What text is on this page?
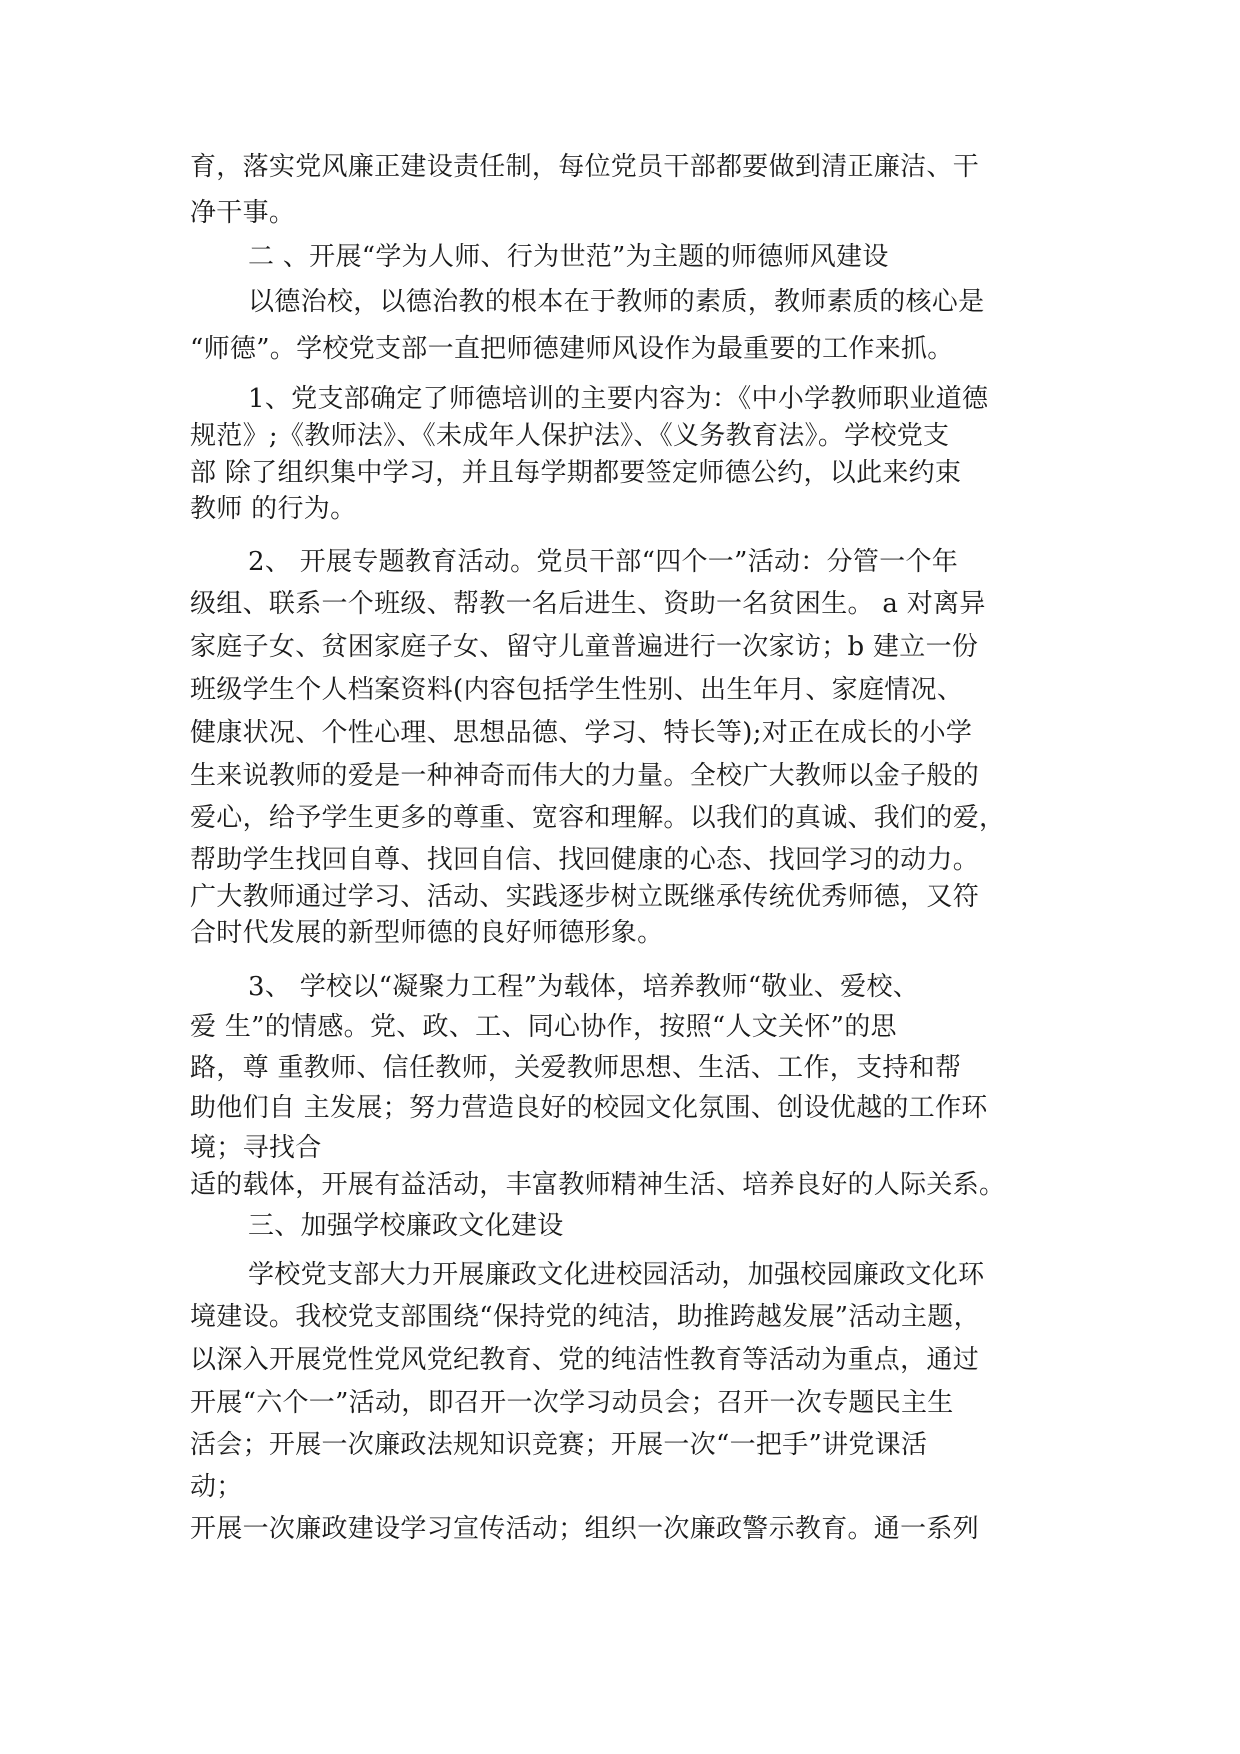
育，落实党风廉正建设责任制，每位党员干部都要做到清正廉洁、干
净干事。
二 、开展“学为人师、行为世范”为主题的师德师风建设
以德治校，以德治教的根本在于教师的素质，教师素质的核心是
“师德”。学校党支部一直把师德建师风设作为最重要的工作来抓。
1、党支部确定了师德培训的主要内容为：《中小学教师职业道德
规范》;《教师法》、《未成年人保护法》、《义务教育法》。学校党支
部 除了组织集中学习，并且每学期都要签定师德公约，以此来约束
教师 的行为。
2、 开展专题教育活动。党员干部“四个一”活动：分管一个年
级组、联系一个班级、帮教一名后进生、资助一名贫困生。 a 对离异
家庭子女、贫困家庭子女、留守儿童普遍进行一次家访；b 建立一份
班级学生个人档案资料(内容包括学生性别、出生年月、家庭情况、
健康状况、个性心理、思想品德、学习、特长等);对正在成长的小学
生来说教师的爱是一种神奇而伟大的力量。全校广大教师以金子般的
爱心，给予学生更多的尊重、宽容和理解。以我们的真诚、我们的爱，
帮助学生找回自尊、找回自信、找回健康的心态、找回学习的动力。
广大教师通过学习、活动、实践逐步树立既继承传统优秀师德，又符
合时代发展的新型师德的良好师德形象。
3、 学校以“凝聚力工程”为载体，培养教师“敬业、爱校、
爱 生”的情感。党、政、工、同心协作，按照“人文关怀”的思
路，尊 重教师、信任教师，关爱教师思想、生活、工作，支持和帮
助他们自 主发展；努力营造良好的校园文化氛围、创设优越的工作环
境；寻找合
适的载体，开展有益活动，丰富教师精神生活、培养良好的人际关系。
三、加强学校廉政文化建设
学校党支部大力开展廉政文化进校园活动，加强校园廉政文化环
境建设。我校党支部围绕“保持党的纯洁，助推跨越发展”活动主题，
以深入开展党性党风党纪教育、党的纯洁性教育等活动为重点，通过
开展“六个一”活动，即召开一次学习动员会；召开一次专题民主生
活会；开展一次廉政法规知识竞赛；开展一次“一把手”讲党课活
动；
开展一次廉政建设学习宣传活动；组织一次廉政警示教育。通一系列
